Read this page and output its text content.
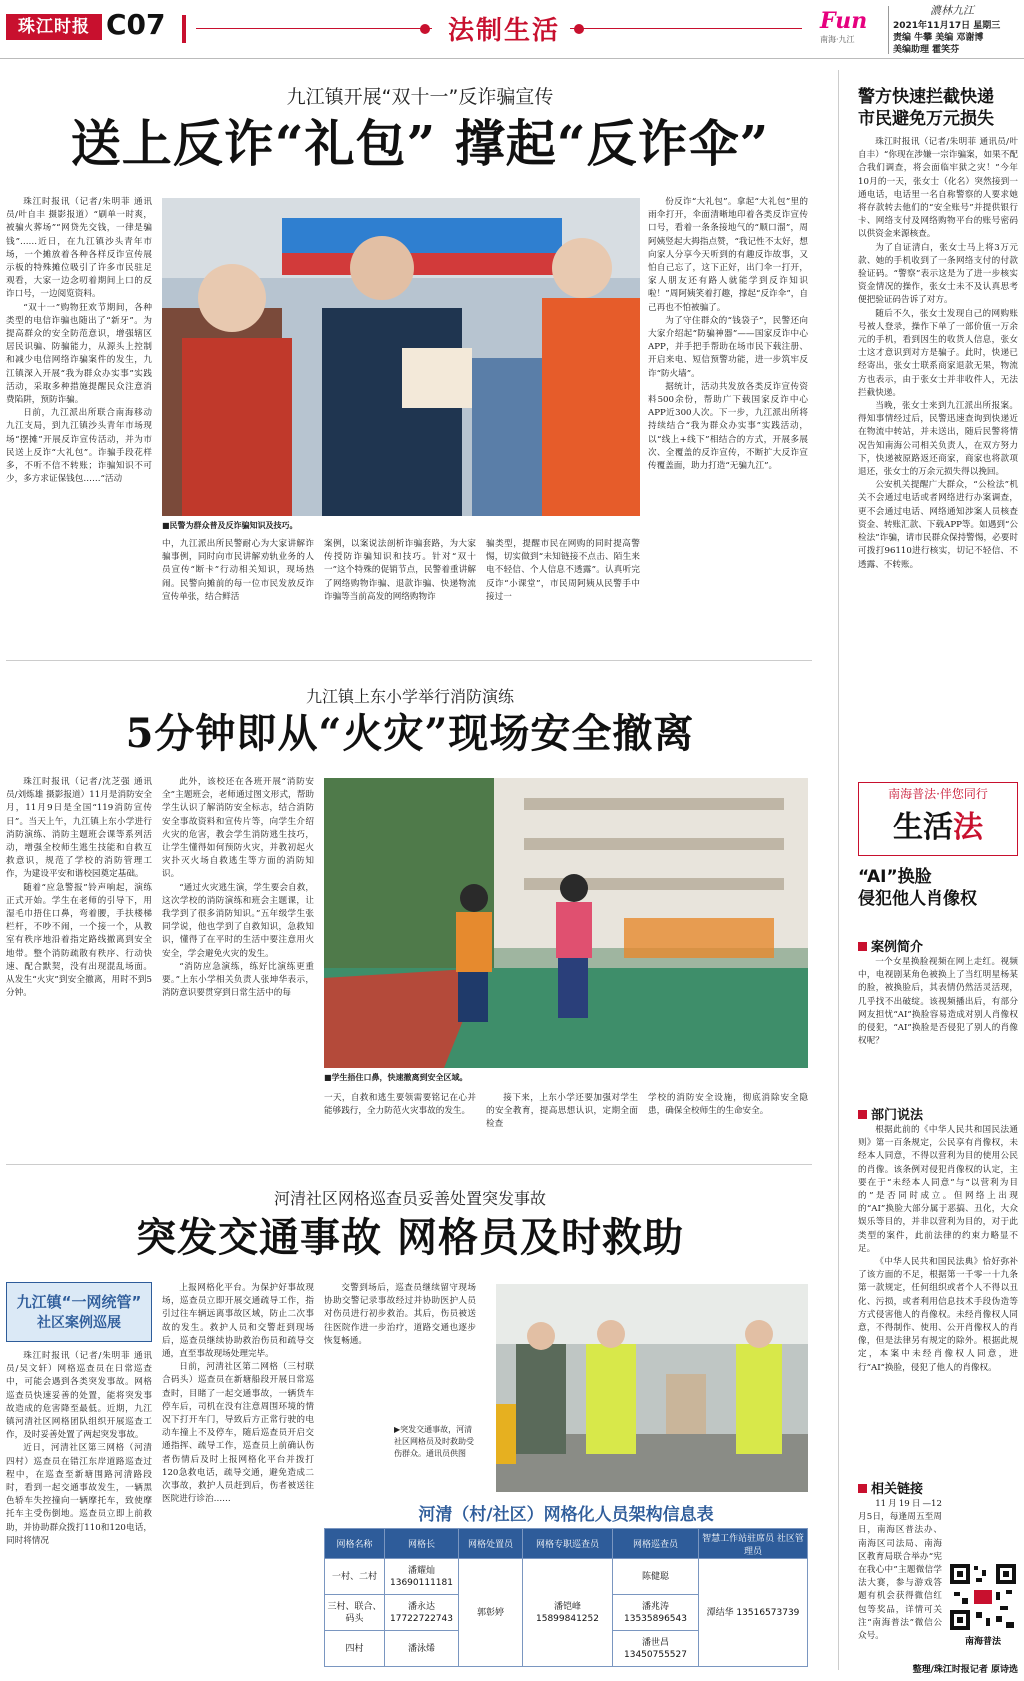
珠江时报 C07	法制生活	Fun
南海·九江
濃林九江
2021年11月17日 星期三
责编 牛攀 美编 邓谢博
美编助理 霍笑芬
九江镇开展“双十一”反诈骗宣传
送上反诈“礼包” 撑起“反诈伞”

珠江时报讯（记者/朱明菲 通讯员/叶自丰 摄影报道）“刷单一时爽，被骗火葬场”“网贷先交钱，一律是骗钱”……近日，在九江镇沙头青年市场，一个摊放着各种各样反诈宣传展示板的特殊摊位吸引了许多市民驻足观看，大家一边念叨着期间上口的反诈口号，一边阅览资料。

“双十一”购物狂欢节期间，各种类型的电信诈骗也随出了“新牙”。为提高群众的安全防范意识，增强辖区居民识骗、防骗能力，从源头上控制和减少电信网络诈骗案件的发生，九江镇深入开展“我为群众办实事”实践活动，采取多种措施提醒民众注意消费陷阱，预防诈骗。

日前，九江派出所联合南海移动九江支局，到九江镇沙头青年市场现场“摆摊”开展反诈宣传活动，并为市民送上反诈“大礼包”。诈骗手段花样多，不听不信不转账；诈骗知识不可少，多方求证保钱包……“活动

■民警为群众普及反诈骗知识及技巧。

份反诈“大礼包”。拿起“大礼包”里的雨伞打开，伞面清晰地印着各类反诈宣传口号，看着一条条接地气的“顺口溜”，周阿姨竖起大拇指点赞，“我记性不太好，想向家人分享今天听到的有趣反诈故事，又怕自己忘了，这下正好，出门伞一打开，家人朋友还有路人就能学到反诈知识啦！”周阿姨笑着打趣，撑起“反诈伞”，自己再也不怕被骗了。

为了守住群众的“钱袋子”，民警还向大家介绍起“防骗神器”——国家反诈中心APP，并手把手帮助在场市民下载注册、开启来电、短信预警功能，进一步筑牢反诈“防火墙”。

据统计，活动共发放各类反诈宣传资料500余份，帮助广下载国家反诈中心APP近300人次。下一步，九江派出所将持续结合“我为群众办实事”实践活动，以“线上+线下”相结合的方式，开展多展次、全覆盖的反诈宣传，不断扩大反诈宣传覆盖面，助力打造“无骗九江”。

中，九江派出所民警耐心为大家讲解诈骗事例，同时向市民讲解劝轨业务的人员宣传“断卡”行动相关知识，现场热闹。民警向摊前的每一位市民发放反诈宣传单张，结合鲜活

案例，以案说法剖析诈骗套路，为大家传授防诈骗知识和技巧。针对“双十一”这个特殊的促销节点，民警着重讲解了网络购物诈骗、退款诈骗、快递物流诈骗等当前高发的网络购物诈

骗类型，提醒市民在网购的同时提高警惕，切实做到“未知链接不点击、陌生来电不轻信、个人信息不透露”。认真听完反诈“小课堂”，市民周阿姨从民警手中接过一

九江镇上东小学举行消防演练
5分钟即从“火灾”现场安全撤离

珠江时报讯（记者/沈芝强 通讯员/刘炼雄 摄影报道）11月是消防安全月，11月9日是全国“119消防宣传日”。当天上午，九江镇上东小学进行消防演练、消防主题班会课等系列活动，增强全校师生逃生技能和自救互救意识，规范了学校的消防管理工作，为建设平安和谐校园奠定基础。

随着“应急警报”铃声响起，演练正式开始。学生在老师的引导下，用湿毛巾捂住口鼻，弯着腰，手扶楼梯栏杆，不吵不闹，一个接一个，从教室有秩序地沿着指定路线撤离到安全地带。整个消防疏散有秩序、行动快速、配合默契，没有出现混乱场面。从发生“火灾”到安全撤离，用时不到5分钟。

此外，该校还在各班开展“消防安全”主题班会，老师通过图文形式，帮助学生认识了解消防安全标志，结合消防安全事故资料和宣传片等，向学生介绍火灾的危害，教会学生消防逃生技巧，让学生懂得如何预防火灾，并教初起火灾扑灭火场自救逃生等方面的消防知识。

“通过火灾逃生演，学生要会自救，这次学校的消防演练和班会主题课，让我学到了很多消防知识。”五年级学生张同学说，他也学到了自救知识，急救知识，懂得了在平时的生活中要注意用火安全，学会避免火灾的发生。

“消防应急演练，练好比演练更重要。”上东小学相关负责人张坤华表示，消防意识要贯穿到日常生活中的每

■学生捂住口鼻，快速撤离到安全区域。

一天，自救和逃生要领需要铭记在心并能够践行，全力防范火灾事故的发生。

接下来，上东小学还要加强对学生的安全教育，提高思想认识，定期全面检查

学校的消防安全设施，彻底消除安全隐患，确保全校师生的生命安全。

河清社区网格巡查员妥善处置突发事故
突发交通事故 网格员及时救助
九江镇“一网统管”
社区案例巡展

珠江时报讯（记者/朱明菲 通讯员/吴文轩）网格巡查员在日常巡查中，可能会遇到各类突发事故。网格巡查员快速妥善的处置，能将突发事故造成的危害降至最低。近期，九江镇河清社区网格团队组织开展巡查工作，及时妥善处置了两起突发事故。

近日，河清社区第三网格（河清四村）巡查员在错江东岸道路巡查过程中，在巡查至新塘围路河清路段时，看到一起交通事故发生，一辆黑色轿车失控撞向一辆摩托车，致使摩托车主受伤倒地。巡查员立即上前救助，并协助群众拨打110和120电话，同时将情况

上报网格化平台。为保护好事故现场，巡查员立即开展交通疏导工作，指引过往车辆远离事故区域，防止二次事故的发生。救护人员和交警赶到现场后，巡查员继续协助救治伤员和疏导交通，直至事故现场处理完毕。

日前，河清社区第二网格（三村联合码头）巡查员在新塘船段开展日常巡查时，目睹了一起交通事故，一辆货车停车后，司机在没有注意周围环境的情况下打开车门，导致后方正常行驶的电动车撞上不及停车，随后巡查员开启交通指挥、疏导工作，巡查员上前确认伤者伤情后及时上报网格化平台并拨打120急救电话，疏导交通，避免造成二次事故，救护人员赶到后，伤者被送往医院进行诊治……

交警到场后，巡查员继续留守现场协助交警记录事故经过并协助医护人员对伤员进行初步救治。其后，伤员被送往医院作进一步治疗，道路交通也逐步恢复畅通。

▶突发交通事故，河清社区网格员及时救助受伤群众。通讯员供图
河清（村/社区）网格化人员架构信息表
网格名称	网格长	网格处置员	网格专职巡查员	网格巡查员	智慧工作站驻席员 社区管理员
一村、二村	潘耀灿 13690111181	郭彰婷	潘铠峰 15899841252	陈健聪	潭结华 13516573739
三村、联合、码头	潘永达 17722722743			潘兆涛 13535896543	
四村	潘泳烯			潘世昌 13450755527	
警方快速拦截快递
市民避免万元损失

珠江时报讯（记者/朱明菲 通讯员/叶自丰）“你现在涉嫌一宗诈骗案，如果不配合我们调查，将会面临牢狱之灾！”今年10月的一天，张女士（化名）突然接到一通电话，电话里一名自称警察的人要求她将存款转去他们的“安全账号”并提供银行卡、网络支付及网络购物平台的账号密码以供资金来源核查。

为了自证清白，张女士马上将3万元款、她的手机收到了一条网络支付的付款验证码。“警察”表示这是为了进一步核实资金情况的操作，张女士未不及认真思考便把验证码告诉了对方。

随后不久，张女士发现自己的网购账号被人登录，操作下单了一部价值一万余元的手机，看到因生的收货人信息，张女士这才意识到对方是骗子。此时，快递已经寄出，张女士联系商家退款无果，物流方也表示，由于张女士并非收件人，无法拦截快递。

当晚，张女士来到九江派出所报案。得知事情经过后，民警迅速查询到快递近在物流中转站，并未送出，随后民警将情况告知南海公司相关负责人，在双方努力下，快递被原路返还商家，商家也将款项退还，张女士的万余元损失得以挽回。

公安机关提醒广大群众，“公检法”机关不会通过电话或者网络进行办案调查，更不会通过电话、网络通知涉案人员核查资金、转账汇款、下载APP等。如遇到“公检法”诈骗，请市民群众保持警惕，必要时可拨打96110进行核实，切记不轻信、不透露、不转账。

南海普法·伴您同行
生活法
“AI”换脸
侵犯他人肖像权
案例简介

一个女星换脸视频在网上走红。视频中，电视剧某角色被换上了当红明星杨某的脸，被换脸后，其表情仍然活灵活现，几乎找不出破绽。该视频播出后，有部分网友担忧“AI”换脸容易造成对别人肖像权的侵犯，“AI”换脸是否侵犯了别人的肖像权呢？

部门说法

根据此前的《中华人民共和国民法通则》第一百条规定，公民享有肖像权，未经本人同意，不得以营利为目的使用公民的肖像。该条例对侵犯肖像权的认定，主要在于“未经本人同意”与“以营利为目的”是否同时成立。但网络上出现的“AI”换脸大部分属于恶搞、丑化，大众娱乐等目的，并非以营利为目的，对于此类型的案件，此前法律的约束力略显不足。

《中华人民共和国民法典》恰好弥补了该方面的不足，根据第一千零一十九条第一款规定，任何组织或者个人不得以丑化、污损，或者利用信息技术手段伪造等方式侵害他人的肖像权。未经肖像权人同意，不得制作、使用、公开肖像权人的肖像，但是法律另有规定的除外。根据此规定，本案中未经肖像权人同意，进行“AI”换脸，侵犯了他人的肖像权。

相关链接

11月19日—12月5日，每逢周五至周日，南海区普法办、南海区司法局、南海区教育局联合举办“宪在我心中”主题微信学法大赛，参与游戏答题有机会获得微信红包等奖品，详情可关注“南海普法”微信公众号。

南海普法
整理/珠江时报记者 原诗选
